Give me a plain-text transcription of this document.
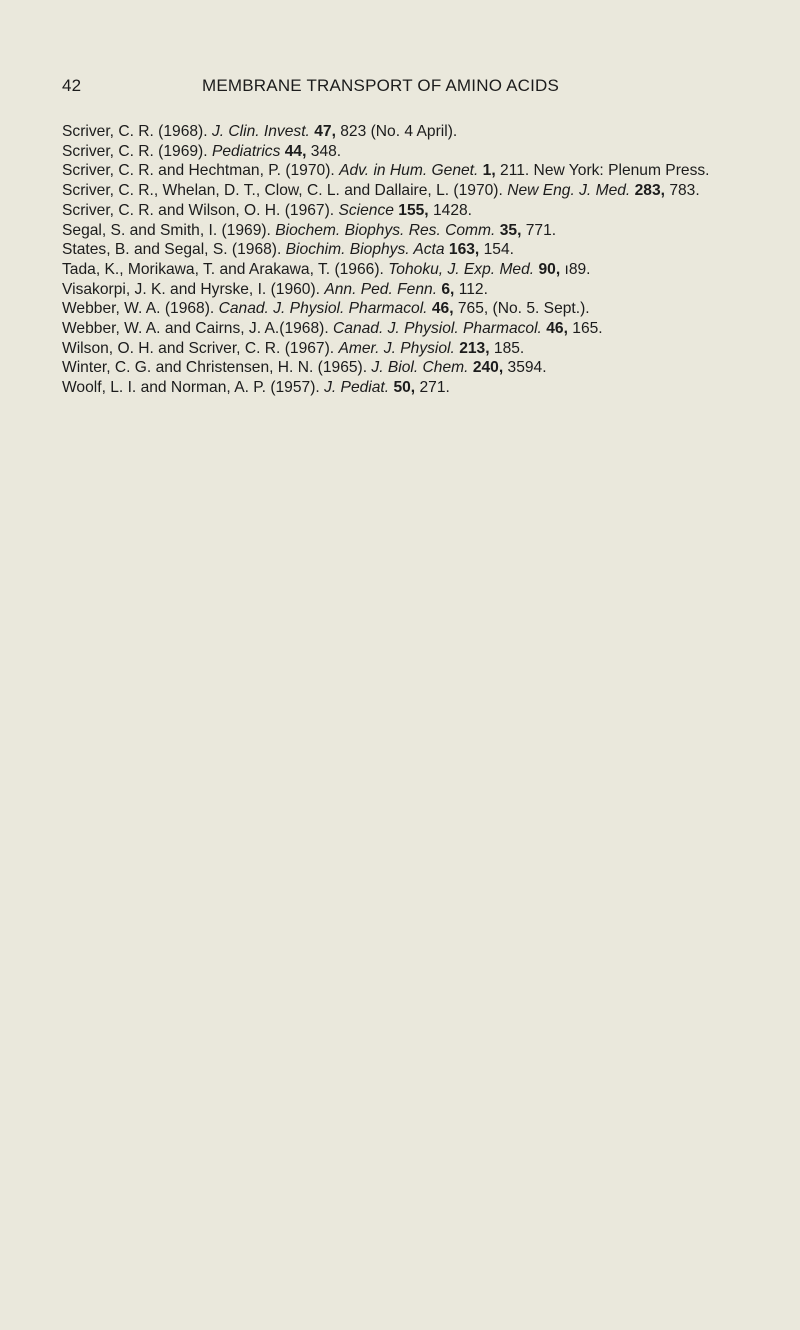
42	MEMBRANE TRANSPORT OF AMINO ACIDS
Scriver, C. R. (1968). J. Clin. Invest. 47, 823 (No. 4 April).
Scriver, C. R. (1969). Pediatrics 44, 348.
Scriver, C. R. and Hechtman, P. (1970). Adv. in Hum. Genet. 1, 211. New York: Plenum Press.
Scriver, C. R., Whelan, D. T., Clow, C. L. and Dallaire, L. (1970). New Eng. J. Med. 283, 783.
Scriver, C. R. and Wilson, O. H. (1967). Science 155, 1428.
Segal, S. and Smith, I. (1969). Biochem. Biophys. Res. Comm. 35, 771.
States, B. and Segal, S. (1968). Biochim. Biophys. Acta 163, 154.
Tada, K., Morikawa, T. and Arakawa, T. (1966). Tohoku, J. Exp. Med. 90, ı89.
Visakorpi, J. K. and Hyrske, I. (1960). Ann. Ped. Fenn. 6, 112.
Webber, W. A. (1968). Canad. J. Physiol. Pharmacol. 46, 765, (No. 5. Sept.).
Webber, W. A. and Cairns, J. A.(1968). Canad. J. Physiol. Pharmacol. 46, 165.
Wilson, O. H. and Scriver, C. R. (1967). Amer. J. Physiol. 213, 185.
Winter, C. G. and Christensen, H. N. (1965). J. Biol. Chem. 240, 3594.
Woolf, L. I. and Norman, A. P. (1957). J. Pediat. 50, 271.
